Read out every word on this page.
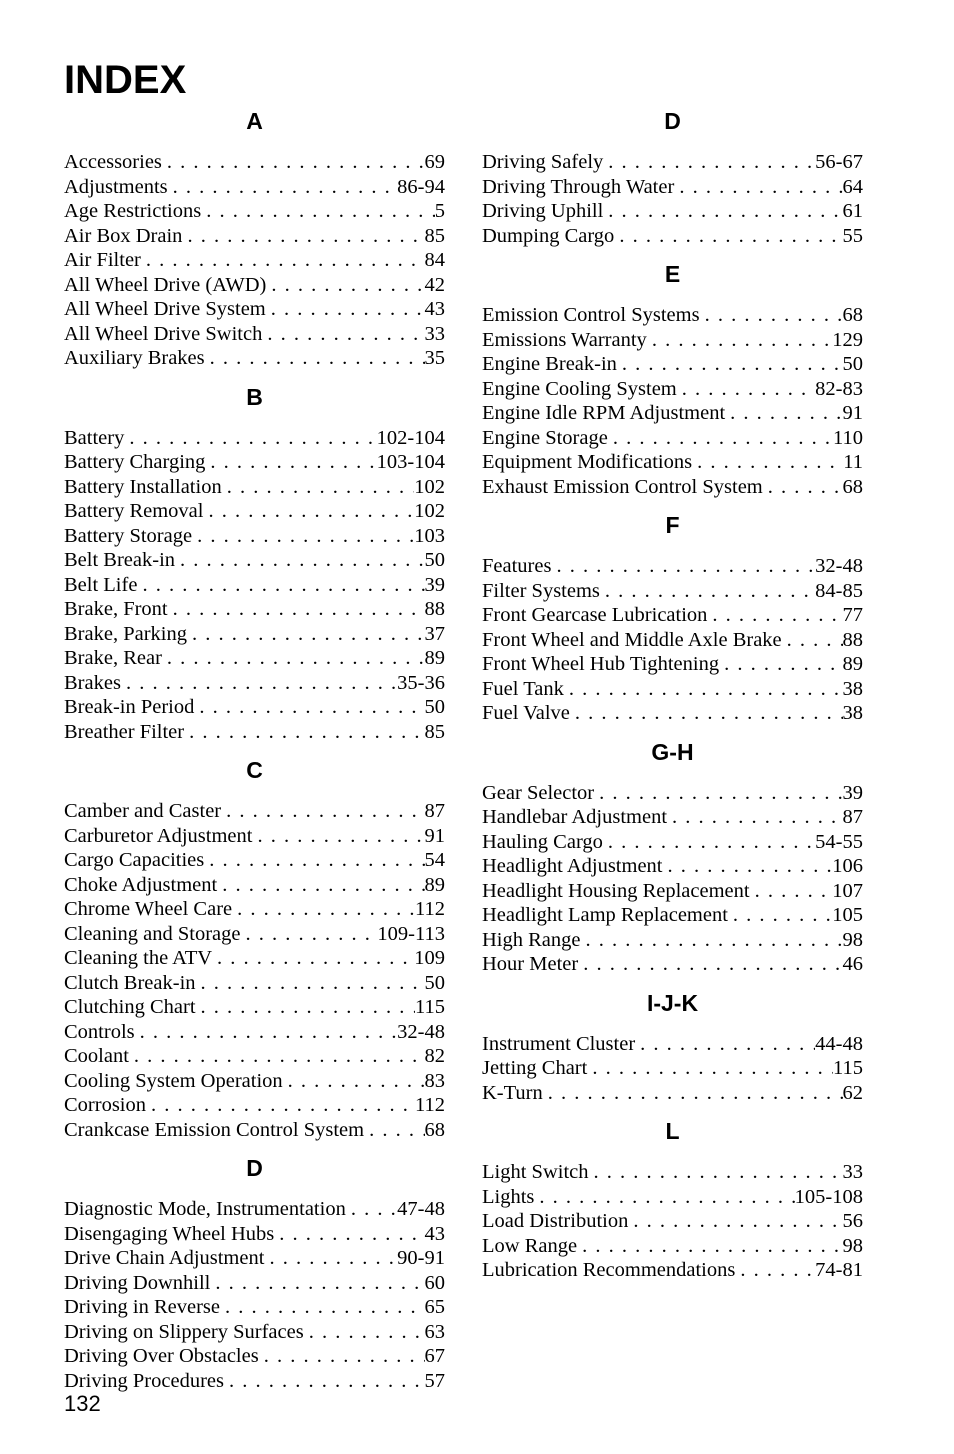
INDEX
A
Accessories . . .	69
Adjustments . . .	86-94
Age Restrictions . . .	5
Air Box Drain . . .	85
Air Filter . . .	84
All Wheel Drive (AWD) . . .	42
All Wheel Drive System . . .	43
All Wheel Drive Switch . . .	33
Auxiliary Brakes . . .	35
B
Battery . . .	102-104
Battery Charging . . .	103-104
Battery Installation . . .	102
Battery Removal . . .	102
Battery Storage . . .	103
Belt Break-in . . .	50
Belt Life . . .	39
Brake, Front . . .	88
Brake, Parking . . .	37
Brake, Rear . . .	89
Brakes . . .	35-36
Break-in Period . . .	50
Breather Filter . . .	85
C
Camber and Caster . . .	87
Carburetor Adjustment . . .	91
Cargo Capacities . . .	54
Choke Adjustment . . .	89
Chrome Wheel Care . . .	112
Cleaning and Storage . . .	109-113
Cleaning the ATV . . .	109
Clutch Break-in . . .	50
Clutching Chart . . .	115
Controls . . .	32-48
Coolant . . .	82
Cooling System Operation . . .	83
Corrosion . . .	112
Crankcase Emission Control System . . .	68
D
Diagnostic Mode, Instrumentation . . .	47-48
Disengaging Wheel Hubs . . .	43
Drive Chain Adjustment . . .	90-91
Driving Downhill . . .	60
Driving in Reverse . . .	65
Driving on Slippery Surfaces . . .	63
Driving Over Obstacles . . .	67
Driving Procedures . . .	57
D
Driving Safely . . .	56-67
Driving Through Water . . .	64
Driving Uphill . . .	61
Dumping Cargo . . .	55
E
Emission Control Systems . . .	68
Emissions Warranty . . .	129
Engine Break-in . . .	50
Engine Cooling System . . .	82-83
Engine Idle RPM Adjustment . . .	91
Engine Storage . . .	110
Equipment Modifications . . .	11
Exhaust Emission Control System . . .	68
F
Features . . .	32-48
Filter Systems . . .	84-85
Front Gearcase Lubrication . . .	77
Front Wheel and Middle Axle Brake . . .	88
Front Wheel Hub Tightening . . .	89
Fuel Tank . . .	38
Fuel Valve . . .	38
G-H
Gear Selector . . .	39
Handlebar Adjustment . . .	87
Hauling Cargo . . .	54-55
Headlight Adjustment . . .	106
Headlight Housing Replacement . . .	107
Headlight Lamp Replacement . . .	105
High Range . . .	98
Hour Meter . . .	46
I-J-K
Instrument Cluster . . .	44-48
Jetting Chart . . .	115
K-Turn . . .	62
L
Light Switch . . .	33
Lights . . .	105-108
Load Distribution . . .	56
Low Range . . .	98
Lubrication Recommendations . . .	74-81
132
